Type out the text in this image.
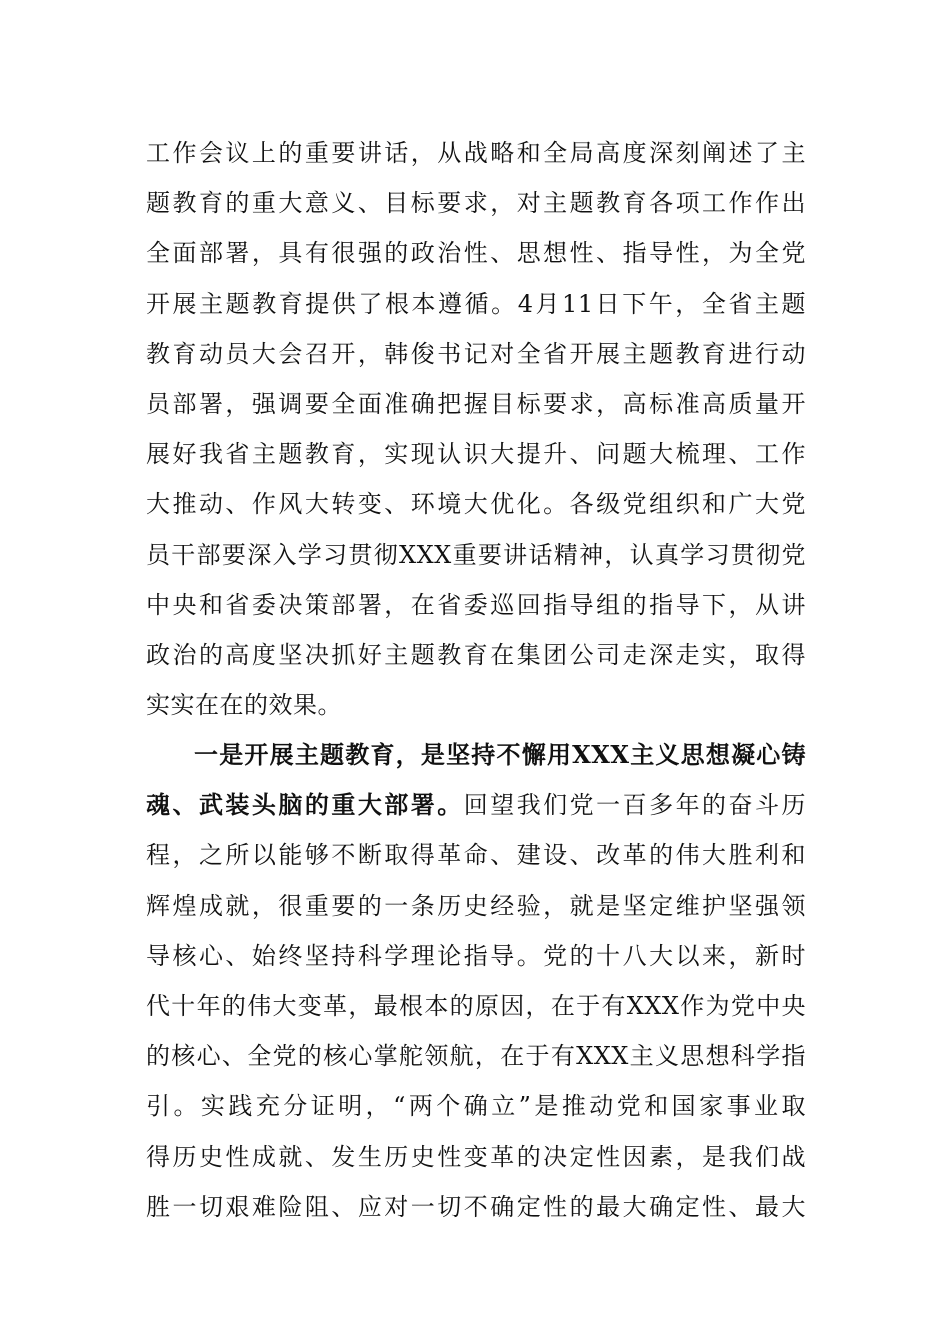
工作会议上的重要讲话，从战略和全局高度深刻阐述了主
题教育的重大意义、目标要求，对主题教育各项工作作出
全面部署，具有很强的政治性、思想性、指导性，为全党
开展主题教育提供了根本遵循。4月11日下午，全省主题
教育动员大会召开，韩俊书记对全省开展主题教育进行动
员部署，强调要全面准确把握目标要求，高标准高质量开
展好我省主题教育，实现认识大提升、问题大梳理、工作
大推动、作风大转变、环境大优化。各级党组织和广大党
员干部要深入学习贯彻XXX重要讲话精神，认真学习贯彻党
中央和省委决策部署，在省委巡回指导组的指导下，从讲
政治的高度坚决抓好主题教育在集团公司走深走实，取得
实实在在的效果。
一是开展主题教育，是坚持不懈用XXX主义思想凝心铸
魂、武装头脑的重大部署。回望我们党一百多年的奋斗历
程，之所以能够不断取得革命、建设、改革的伟大胜利和
辉煌成就，很重要的一条历史经验，就是坚定维护坚强领
导核心、始终坚持科学理论指导。党的十八大以来，新时
代十年的伟大变革，最根本的原因，在于有XXX作为党中央
的核心、全党的核心掌舵领航，在于有XXX主义思想科学指
引。实践充分证明，“两个确立”是推动党和国家事业取
得历史性成就、发生历史性变革的决定性因素，是我们战
胜一切艰难险阻、应对一切不确定性的最大确定性、最大
